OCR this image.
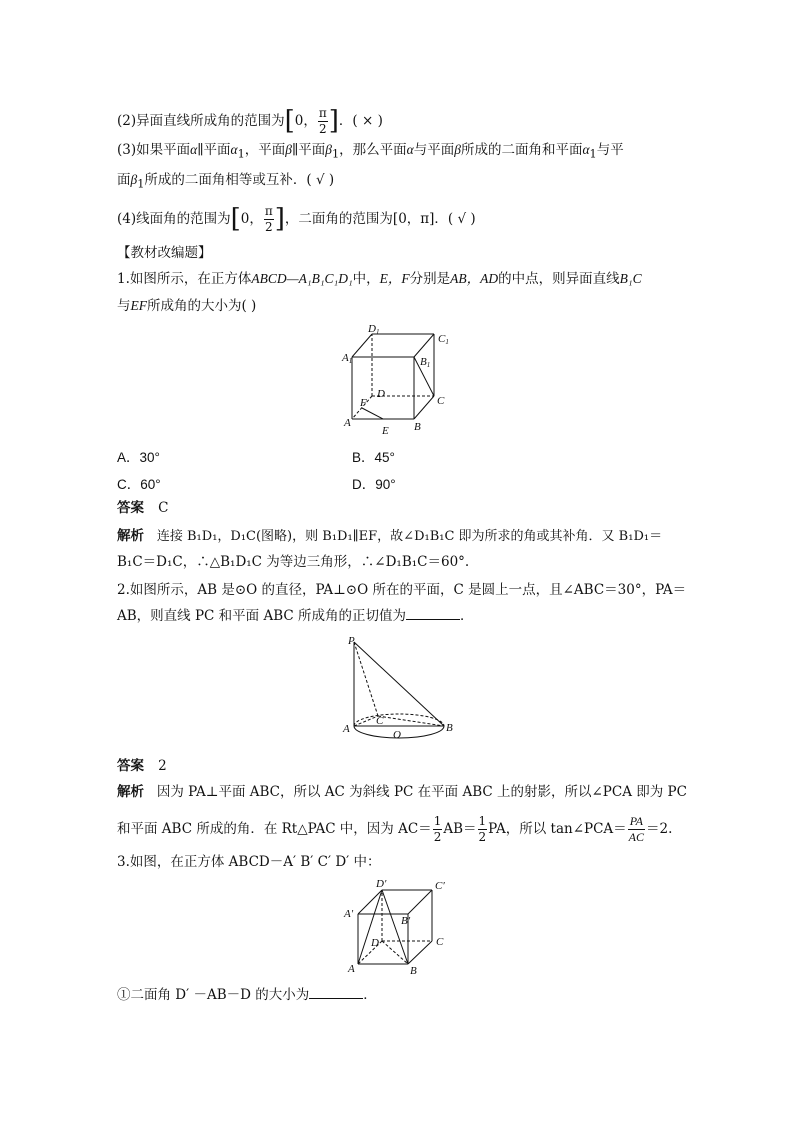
(2)异面直线所成角的范围为[0， $\frac{\pi}{2}$ ]．( × )
(3)如果平面α∥平面$\alpha_1$，平面β∥平面$\beta_1$，那么平面α与平面β所成的二面角和平面$\alpha_1$与平
面$\beta_1$所成的二面角相等或互补．( √ )
(4)线面角的范围为[0， $\frac{\pi}{2}$ ]，二面角的范围为[0，π]．( √ )
【教材改编题】
1.如图所示，在正方体ABCD—A₁B₁C₁D₁中，E，F分别是AB，AD的中点，则异面直线B₁C
与EF所成角的大小为( )
D1
C1
A1	B1
D
C
F
A	B
E
A．30°	B．45°
C．60°	D．90°
答案 C
解析 连接 B₁D₁，D₁C(图略)，则 B₁D₁∥EF，故∠D₁B₁C 即为所求的角或其补角．又 B₁D₁＝
B₁C＝D₁C，∴△B₁D₁C 为等边三角形，∴∠D₁B₁C＝60°.
2.如图所示，AB 是⊙O 的直径，PA⊥⊙O 所在的平面，C 是圆上一点，且∠ABC＝30°，PA＝
AB，则直线 PC 和平面 ABC 所成角的正切值为	．
P
A	B
C
O
答案 2
解析 因为 PA⊥平面 ABC，所以 AC 为斜线 PC 在平面 ABC 上的射影，所以∠PCA 即为 PC
和平面 ABC 所成的角．在 Rt△PAC 中，因为 $AC= \frac{1}{2} AB= \frac{1}{2}$ PA，所以 tan∠PCA＝ $\frac{PA}{AC} =2$.
3.如图，在正方体 ABCD－A′ B′ C′ D′ 中：
D′	C′
A′
B′
D	C
A	B
①二面角 D′ －AB－D 的大小为	．
